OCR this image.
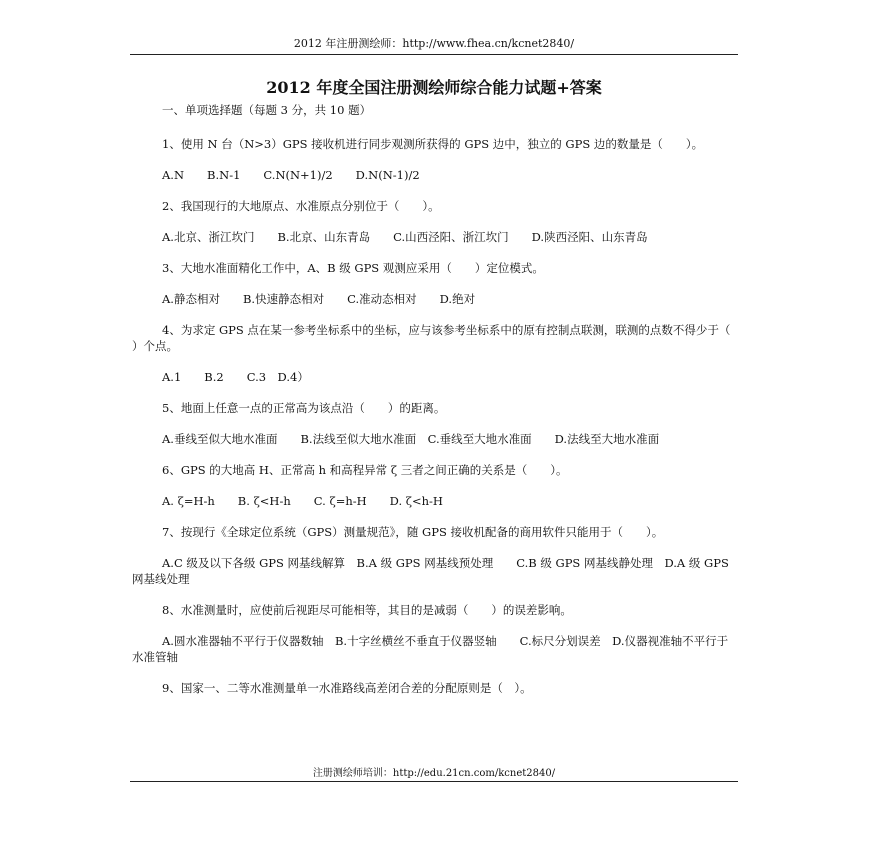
2012 年注册测绘师：http://www.fhea.cn/kcnet2840/
2012 年度全国注册测绘师综合能力试题+答案

一、单项选择题（每题 3 分，共 10 题）

1、使用 N 台（N>3）GPS 接收机进行同步观测所获得的 GPS 边中，独立的 GPS 边的数量是（　　）。

A.N　　B.N-1　　C.N(N+1)/2　　D.N(N-1)/2

2、我国现行的大地原点、水准原点分别位于（　　）。

A.北京、浙江坎门　　B.北京、山东青岛　　C.山西泾阳、浙江坎门　　D.陕西泾阳、山东青岛

3、大地水准面精化工作中，A、B 级 GPS 观测应采用（　　）定位模式。

A.静态相对　　B.快速静态相对　　C.准动态相对　　D.绝对

4、为求定 GPS 点在某一参考坐标系中的坐标，应与该参考坐标系中的原有控制点联测，联测的点数不得少于（　　）个点。

A.1　　B.2　　C.3　D.4）

5、地面上任意一点的正常高为该点沿（　　）的距离。

A.垂线至似大地水准面　　B.法线至似大地水准面　C.垂线至大地水准面　　D.法线至大地水准面

6、GPS 的大地高 H、正常高 h 和高程异常 ζ 三者之间正确的关系是（　　）。

A. ζ=H-h　　B. ζ<H-h　　C. ζ=h-H　　D. ζ<h-H

7、按现行《全球定位系统（GPS）测量规范》，随 GPS 接收机配备的商用软件只能用于（　　）。

A.C 级及以下各级 GPS 网基线解算　B.A 级 GPS 网基线预处理　　C.B 级 GPS 网基线静处理　D.A 级 GPS 网基线处理

8、水准测量时，应使前后视距尽可能相等，其目的是减弱（　　）的误差影响。

A.圆水准器轴不平行于仪器数轴　B.十字丝横丝不垂直于仪器竖轴　　C.标尺分划误差　D.仪器视准轴不平行于水准管轴

9、国家一、二等水准测量单一水准路线高差闭合差的分配原则是（　）。

注册测绘师培训：http://edu.21cn.com/kcnet2840/
